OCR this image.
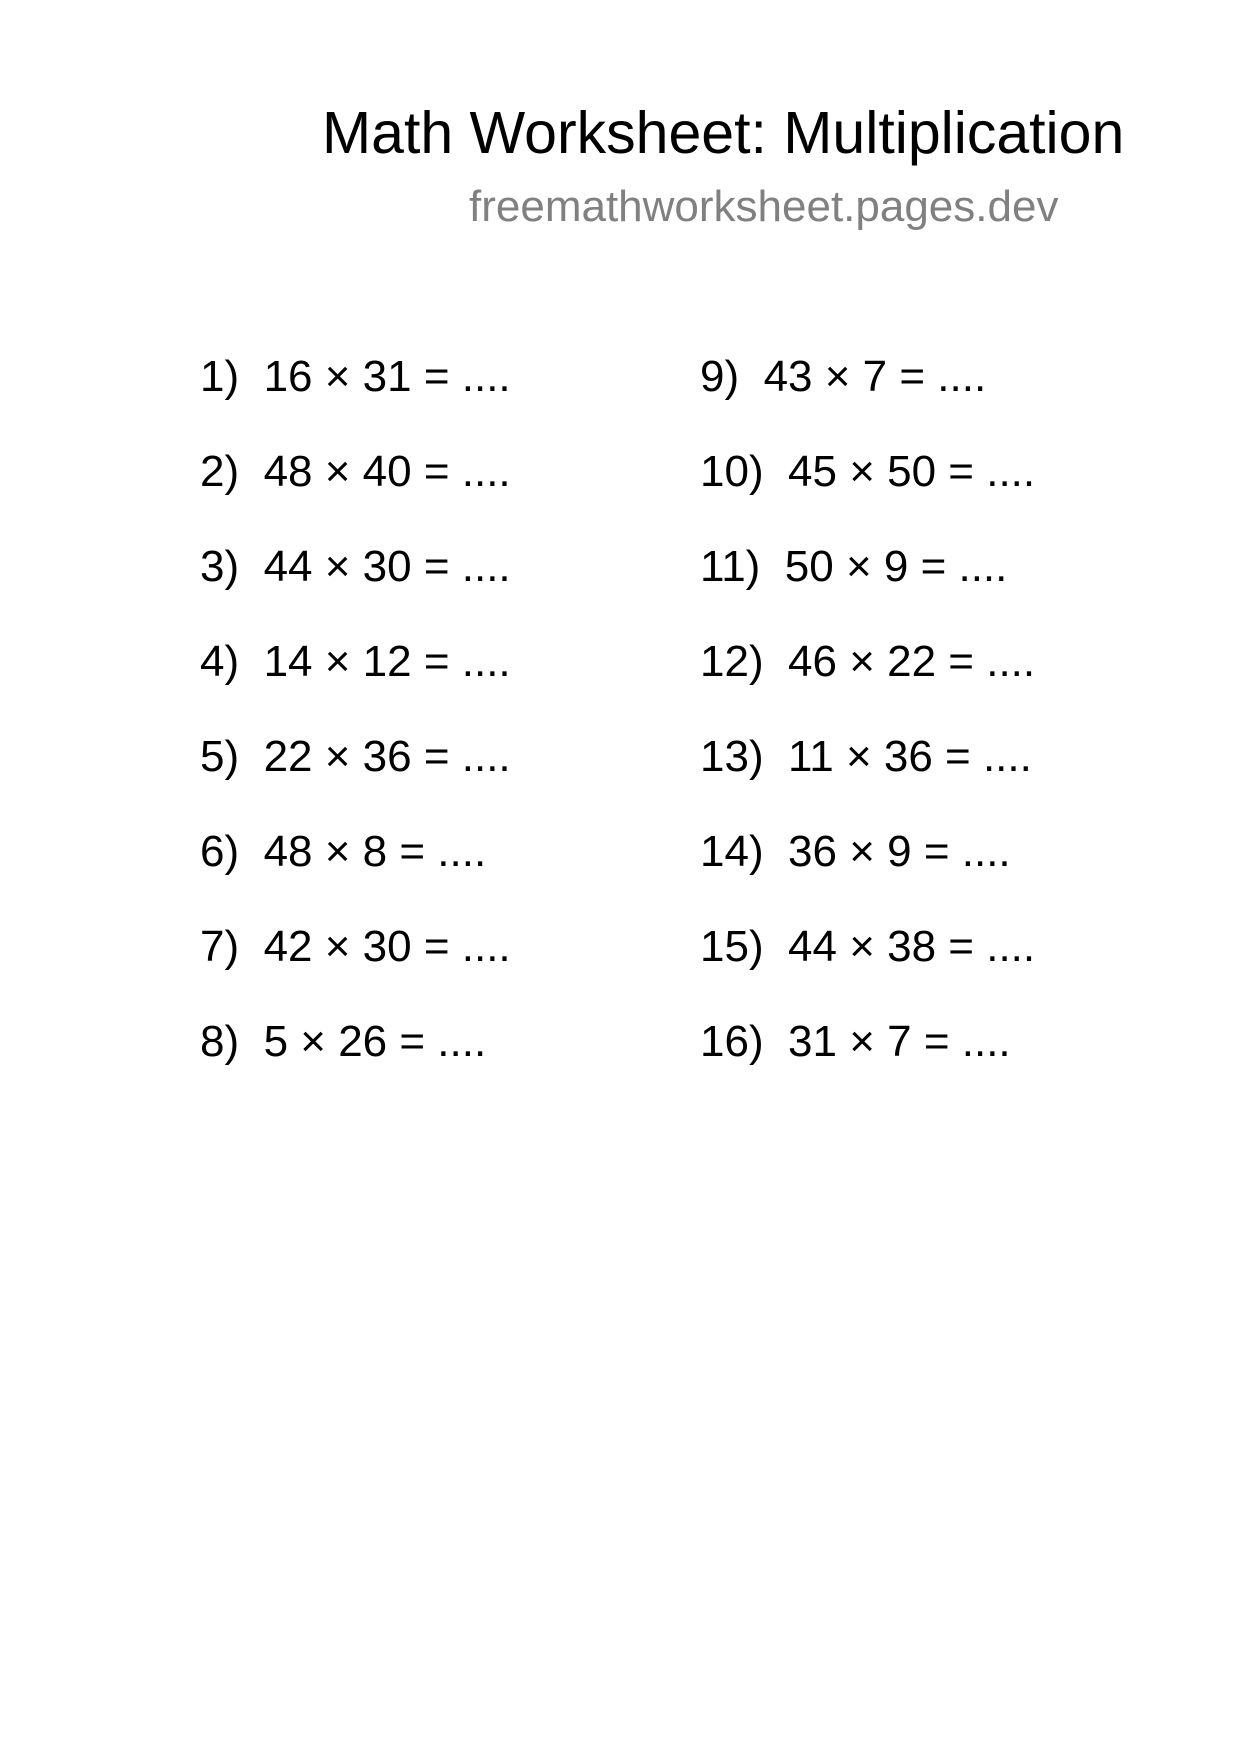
Math Worksheet: Multiplication
freemathworksheet.pages.dev
1) 16 × 31 = ....
2) 48 × 40 = ....
3) 44 × 30 = ....
4) 14 × 12 = ....
5) 22 × 36 = ....
6) 48 × 8 = ....
7) 42 × 30 = ....
8) 5 × 26 = ....
9) 43 × 7 = ....
10) 45 × 50 = ....
11) 50 × 9 = ....
12) 46 × 22 = ....
13) 11 × 36 = ....
14) 36 × 9 = ....
15) 44 × 38 = ....
16) 31 × 7 = ....
